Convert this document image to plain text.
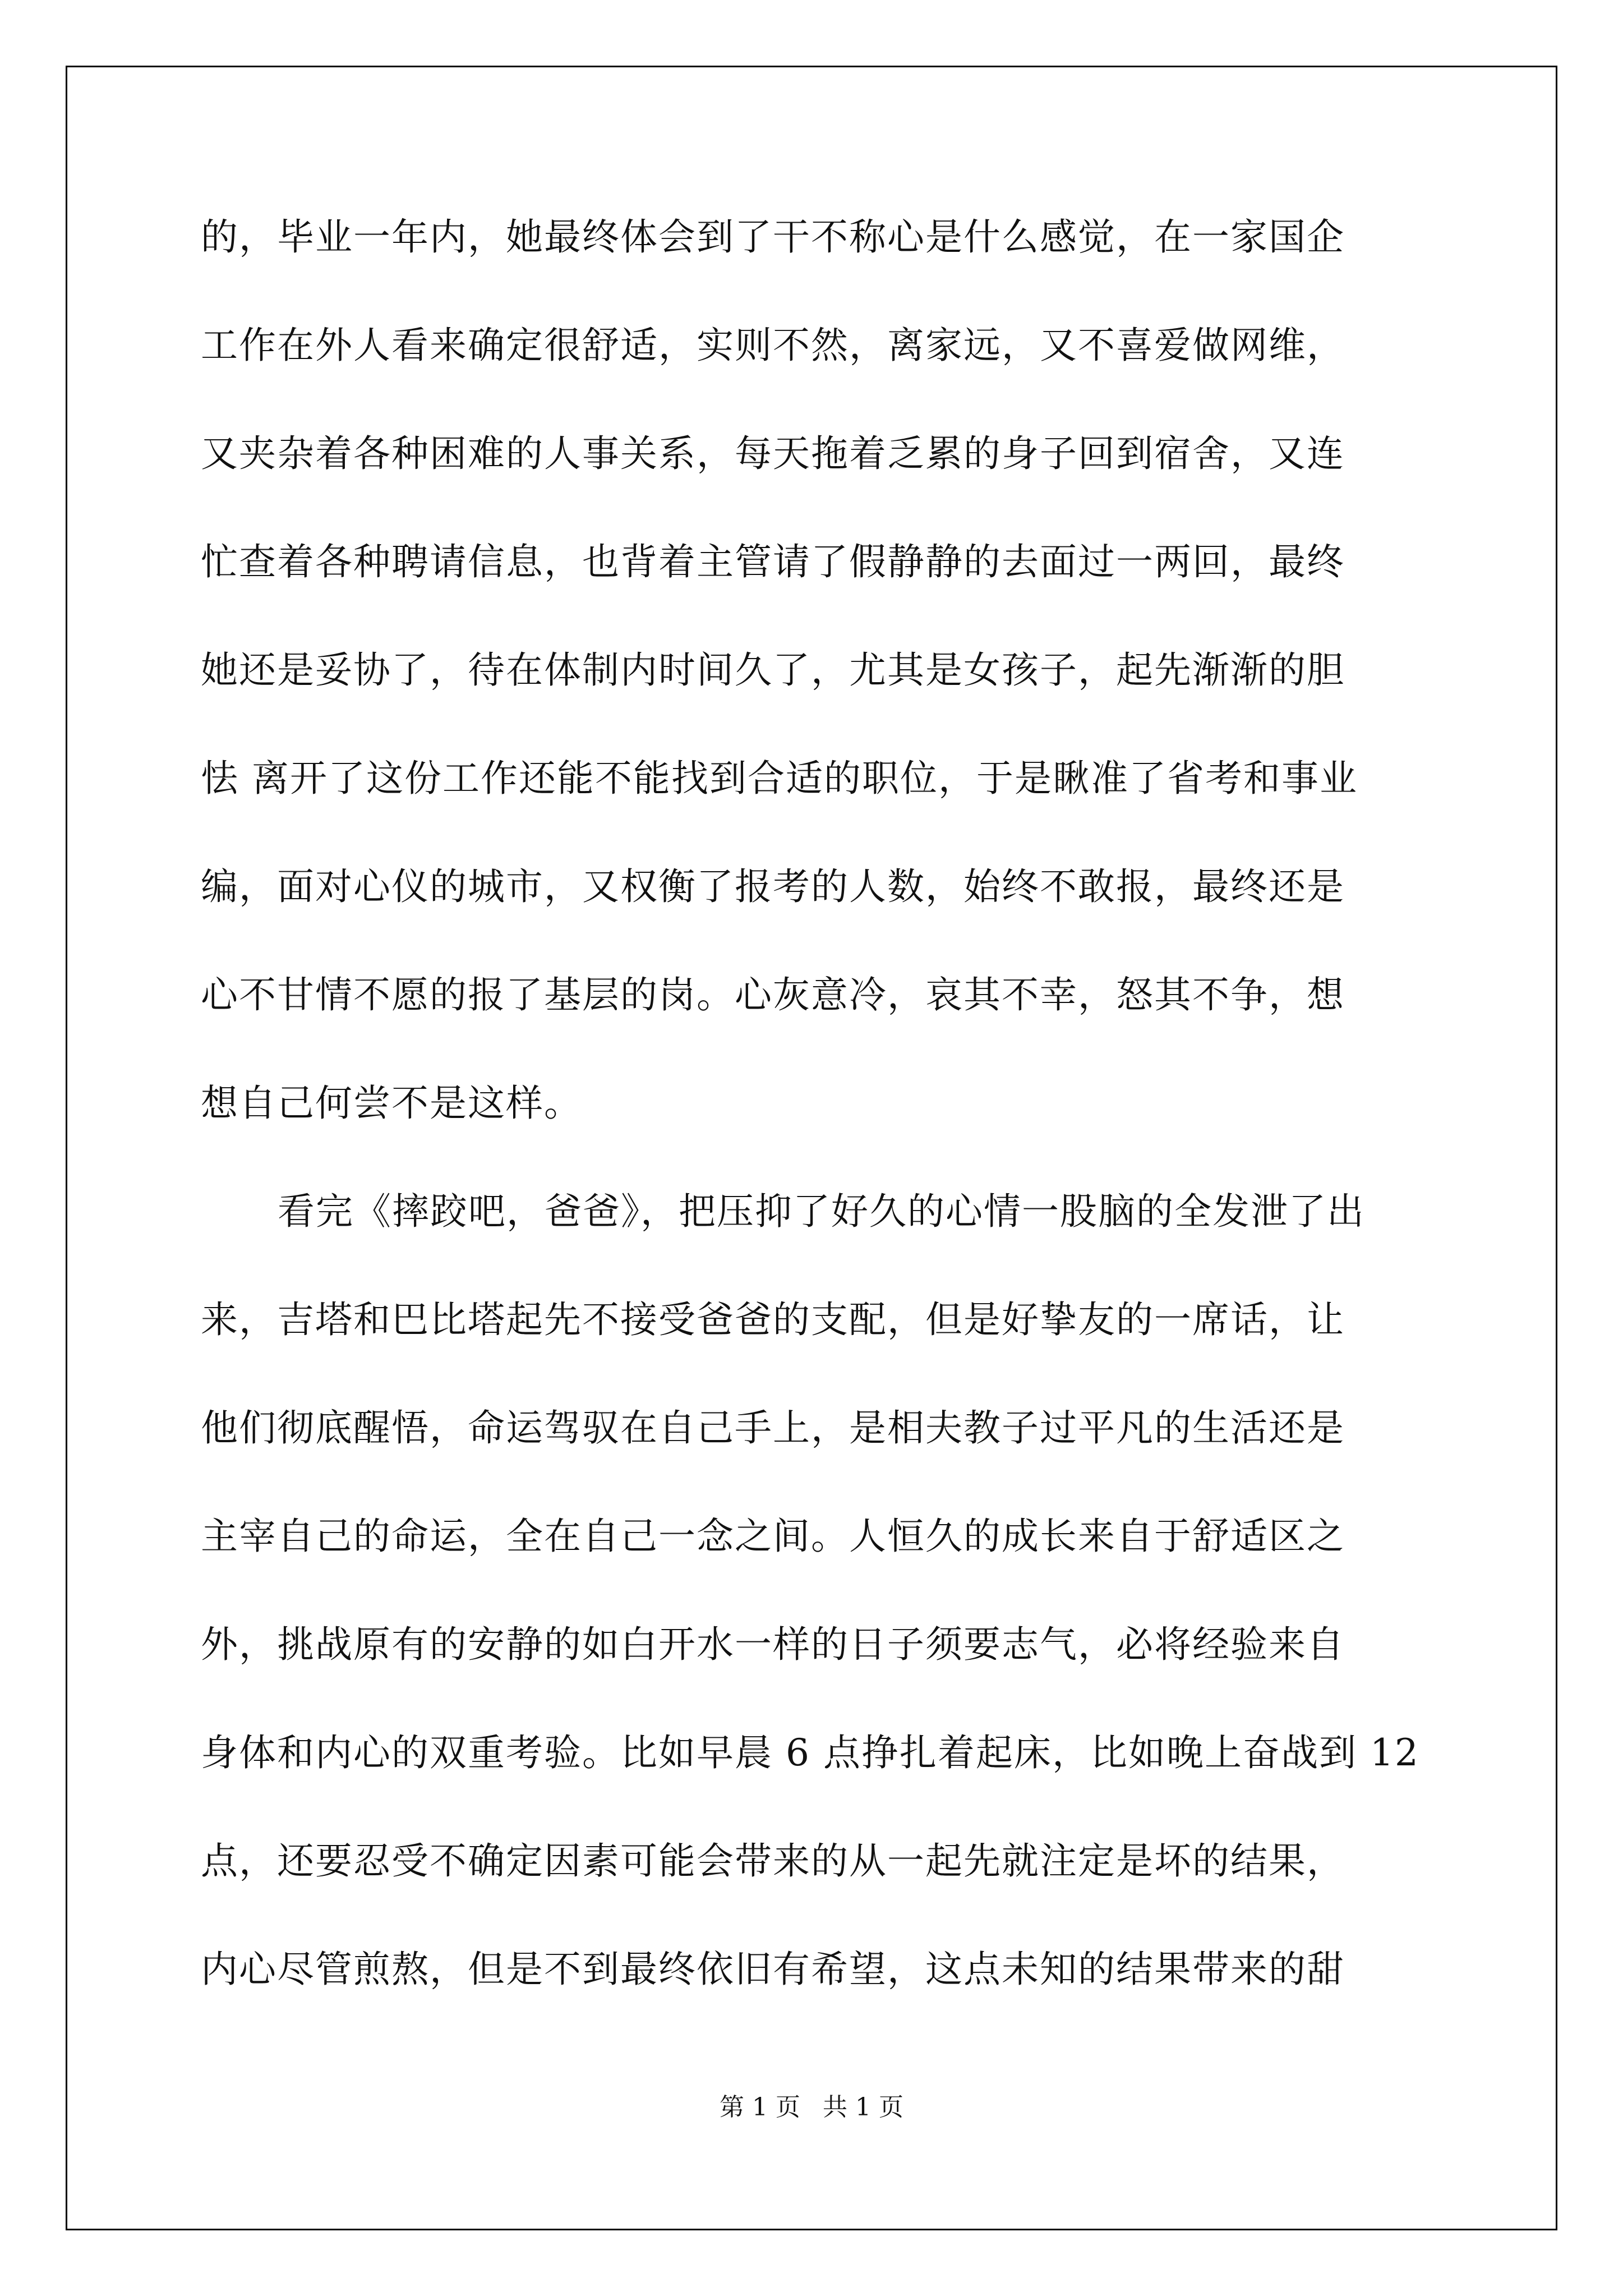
的，毕业一年内，她最终体会到了干不称心是什么感觉，在一家国企
工作在外人看来确定很舒适，实则不然，离家远，又不喜爱做网维，
又夹杂着各种困难的人事关系，每天拖着乏累的身子回到宿舍，又连
忙查着各种聘请信息，也背着主管请了假静静的去面过一两回，最终
她还是妥协了，待在体制内时间久了，尤其是女孩子，起先渐渐的胆
怯 离开了这份工作还能不能找到合适的职位，于是瞅准了省考和事业
编，面对心仪的城市，又权衡了报考的人数，始终不敢报，最终还是
心不甘情不愿的报了基层的岗。心灰意冷，哀其不幸，怒其不争，想
想自己何尝不是这样。
看完《摔跤吧，爸爸》，把压抑了好久的心情一股脑的全发泄了出
来，吉塔和巴比塔起先不接受爸爸的支配，但是好挚友的一席话，让
他们彻底醒悟，命运驾驭在自己手上，是相夫教子过平凡的生活还是
主宰自己的命运，全在自己一念之间。人恒久的成长来自于舒适区之
外，挑战原有的安静的如白开水一样的日子须要志气，必将经验来自
身体和内心的双重考验。比如早晨 6 点挣扎着起床，比如晚上奋战到 12
点，还要忍受不确定因素可能会带来的从一起先就注定是坏的结果，
内心尽管煎熬，但是不到最终依旧有希望，这点未知的结果带来的甜
第 1 页 共 1 页
